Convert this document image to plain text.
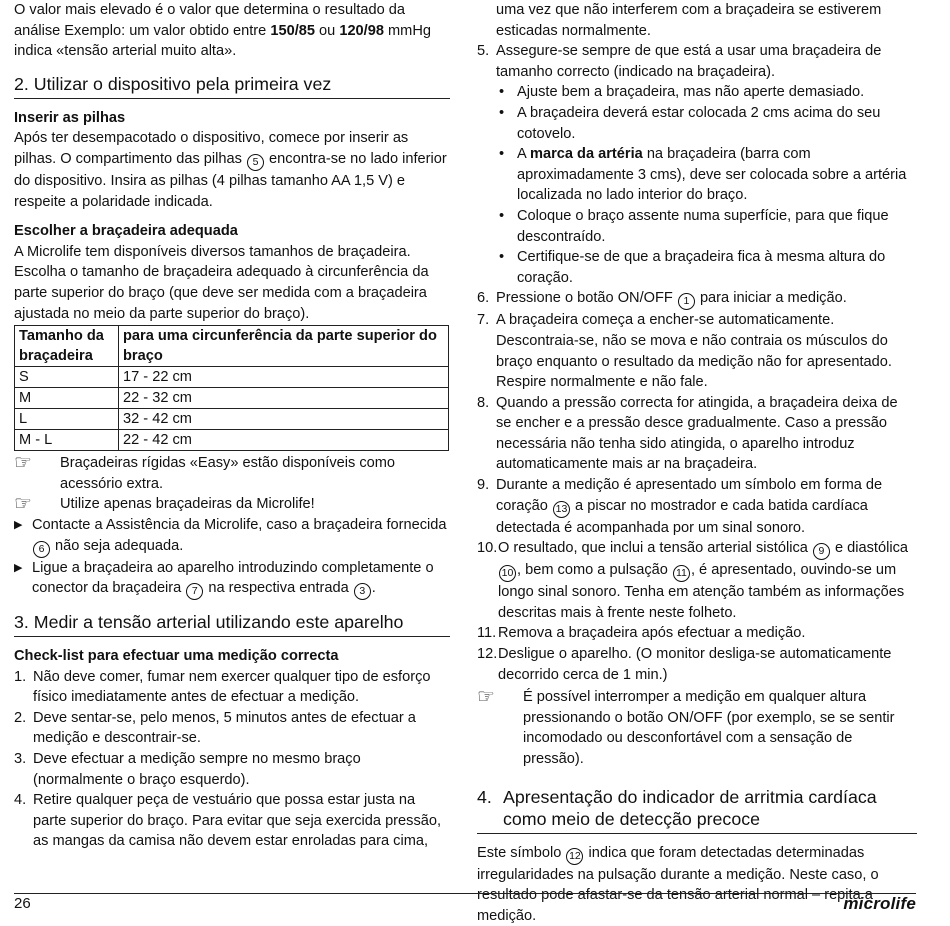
O valor mais elevado é o valor que determina o resultado da análise Exemplo: um valor obtido entre 150/85 ou 120/98 mmHg indica «tensão arterial muito alta».

2. Utilizar o dispositivo pela primeira vez
Inserir as pilhas

Após ter desempacotado o dispositivo, comece por inserir as pilhas. O compartimento das pilhas 5 encontra-se no lado inferior do dispositivo. Insira as pilhas (4 pilhas tamanho AA 1,5 V) e respeite a polaridade indicada.

Escolher a braçadeira adequada

A Microlife tem disponíveis diversos tamanhos de braçadeira. Escolha o tamanho de braçadeira adequado à circunferência da parte superior do braço (que deve ser medida com a braçadeira ajustada no meio da parte superior do braço).

Tamanho da braçadeira	para uma circunferência da parte superior do braço
S	17 - 22 cm
M	22 - 32 cm
L	32 - 42 cm
M - L	22 - 42 cm
☞	Braçadeiras rígidas «Easy» estão disponíveis como acessório extra.
☞	Utilize apenas braçadeiras da Microlife!
▶ Contacte a Assistência da Microlife, caso a braçadeira fornecida 6 não seja adequada.
▶ Ligue a braçadeira ao aparelho introduzindo completamente o conector da braçadeira 7 na respectiva entrada 3 .
3. Medir a tensão arterial utilizando este aparelho
Check-list para efectuar uma medição correcta
1. Não deve comer, fumar nem exercer qualquer tipo de esforço físico imediatamente antes de efectuar a medição.
2. Deve sentar-se, pelo menos, 5 minutos antes de efectuar a medição e descontrair-se.
3. Deve efectuar a medição sempre no mesmo braço (normalmente o braço esquerdo).
4. Retire qualquer peça de vestuário que possa estar justa na parte superior do braço. Para evitar que seja exercida pressão, as mangas da camisa não devem estar enroladas para cima,
uma vez que não interferem com a braçadeira se estiverem esticadas normalmente.
5. Assegure-se sempre de que está a usar uma braçadeira de tamanho correcto (indicado na braçadeira).
•
Ajuste bem a braçadeira, mas não aperte demasiado.
•
A braçadeira deverá estar colocada 2 cms acima do seu cotovelo.
•
A marca da artéria na braçadeira (barra com aproximadamente 3 cms), deve ser colocada sobre a artéria localizada no lado interior do braço.
•
Coloque o braço assente numa superfície, para que fique descontraído.
•
Certifique-se de que a braçadeira fica à mesma altura do coração.
6. Pressione o botão ON/OFF 1 para iniciar a medição.
7. A braçadeira começa a encher-se automaticamente. Descontraia-se, não se mova e não contraia os músculos do braço enquanto o resultado da medição não for apresentado. Respire normalmente e não fale.
8. Quando a pressão correcta for atingida, a braçadeira deixa de se encher e a pressão desce gradualmente. Caso a pressão necessária não tenha sido atingida, o aparelho introduz automaticamente mais ar na braçadeira.
9. Durante a medição é apresentado um símbolo em forma de coração 13 a piscar no mostrador e cada batida cardíaca detectada é acompanhada por um sinal sonoro.
10. O resultado, que inclui a tensão arterial sistólica 9 e diastólica 10 , bem como a pulsação 11 , é apresentado, ouvindo-se um longo sinal sonoro. Tenha em atenção também as informações descritas mais à frente neste folheto.
11. Remova a braçadeira após efectuar a medição.
12. Desligue o aparelho. (O monitor desliga-se automaticamente decorrido cerca de 1 min.)
☞	É possível interromper a medição em qualquer altura pressionando o botão ON/OFF (por exemplo, se se sentir incomodado ou desconfortável com a sensação de pressão).
4. Apresentação do indicador de arritmia cardíaca como meio de detecção precoce

Este símbolo 12 indica que foram detectadas determinadas irregularidades na pulsação durante a medição. Neste caso, o resultado pode afastar-se da tensão arterial normal – repita a medição.

26	microlife
